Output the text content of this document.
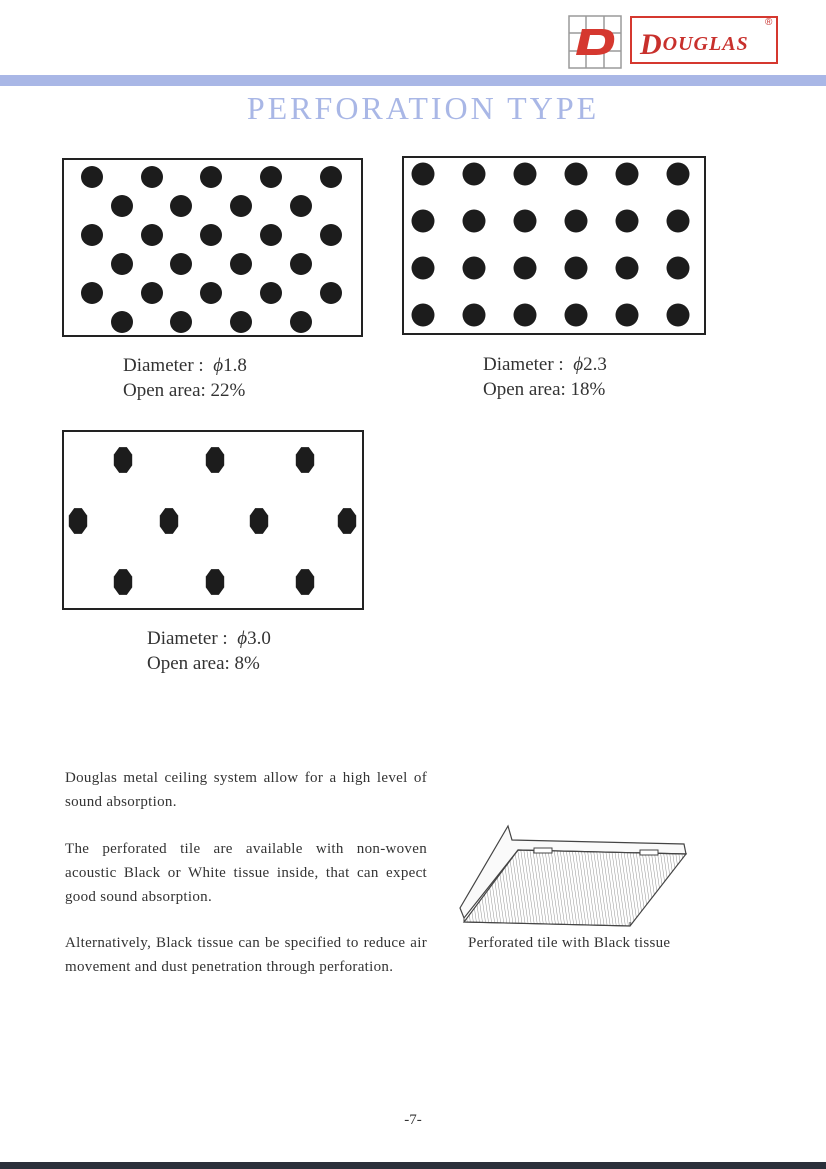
DOUGLAS
®
PERFORATION TYPE
Diameter : ϕ1.8
Open area: 22%
Diameter : ϕ2.3
Open area: 18%
Diameter : ϕ3.0
Open area: 8%
Douglas metal ceiling system allow for a high level of sound absorption.
The perforated tile are available with non-woven acoustic Black or White tissue inside, that can expect good sound absorption.
Alternatively, Black tissue can be specified to reduce air movement and dust penetration through perforation.
Perforated tile with Black tissue
-7-
